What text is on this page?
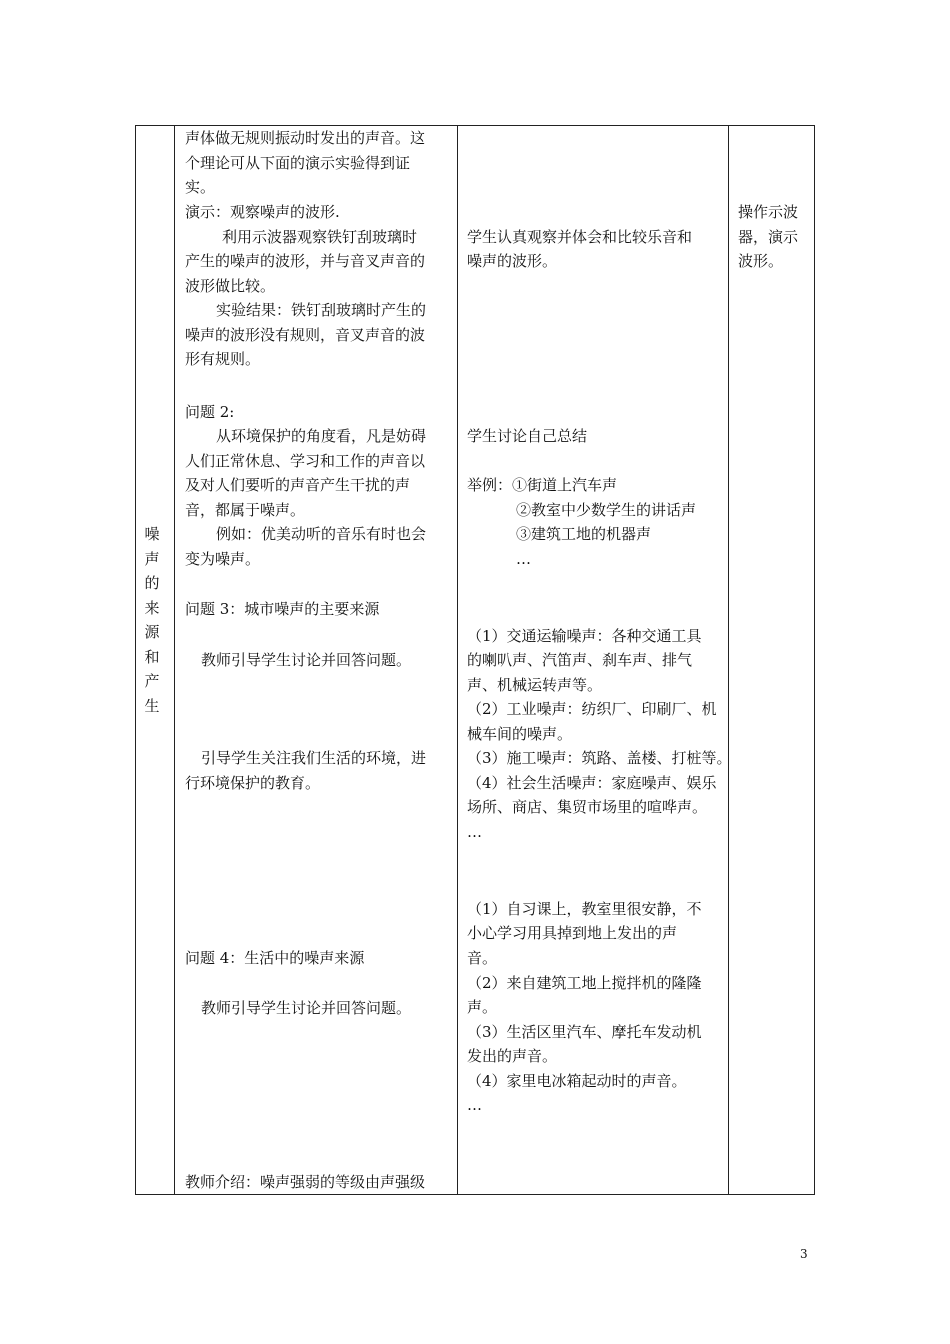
噪
声
的
来
源
和
产
生
声体做无规则振动时发出的声音。这
个理论可从下面的演示实验得到证
实。
演示：观察噪声的波形.
利用示波器观察铁钉刮玻璃时
产生的噪声的波形，并与音叉声音的
波形做比较。
实验结果：铁钉刮玻璃时产生的
噪声的波形没有规则，音叉声音的波
形有规则。
问题 2:
从环境保护的角度看，凡是妨碍
人们正常休息、学习和工作的声音以
及对人们要听的声音产生干扰的声
音，都属于噪声。
例如：优美动听的音乐有时也会
变为噪声。
问题 3：城市噪声的主要来源
教师引导学生讨论并回答问题。
引导学生关注我们生活的环境，进
行环境保护的教育。
问题 4：生活中的噪声来源
教师引导学生讨论并回答问题。
教师介绍：噪声强弱的等级由声强级
学生认真观察并体会和比较乐音和
噪声的波形。
学生讨论自己总结
举例：①街道上汽车声
②教室中少数学生的讲话声
③建筑工地的机器声
…
（1）交通运输噪声：各种交通工具
的喇叭声、汽笛声、刹车声、排气
声、机械运转声等。
（2）工业噪声：纺织厂、印刷厂、机
械车间的噪声。
（3）施工噪声：筑路、盖楼、打桩等。
（4）社会生活噪声：家庭噪声、娱乐
场所、商店、集贸市场里的喧哗声。
…
（1）自习课上，教室里很安静，不
小心学习用具掉到地上发出的声
音。
（2）来自建筑工地上搅拌机的隆隆
声。
（3）生活区里汽车、摩托车发动机
发出的声音。
（4）家里电冰箱起动时的声音。
…
操作示波
器，演示
波形。
3
